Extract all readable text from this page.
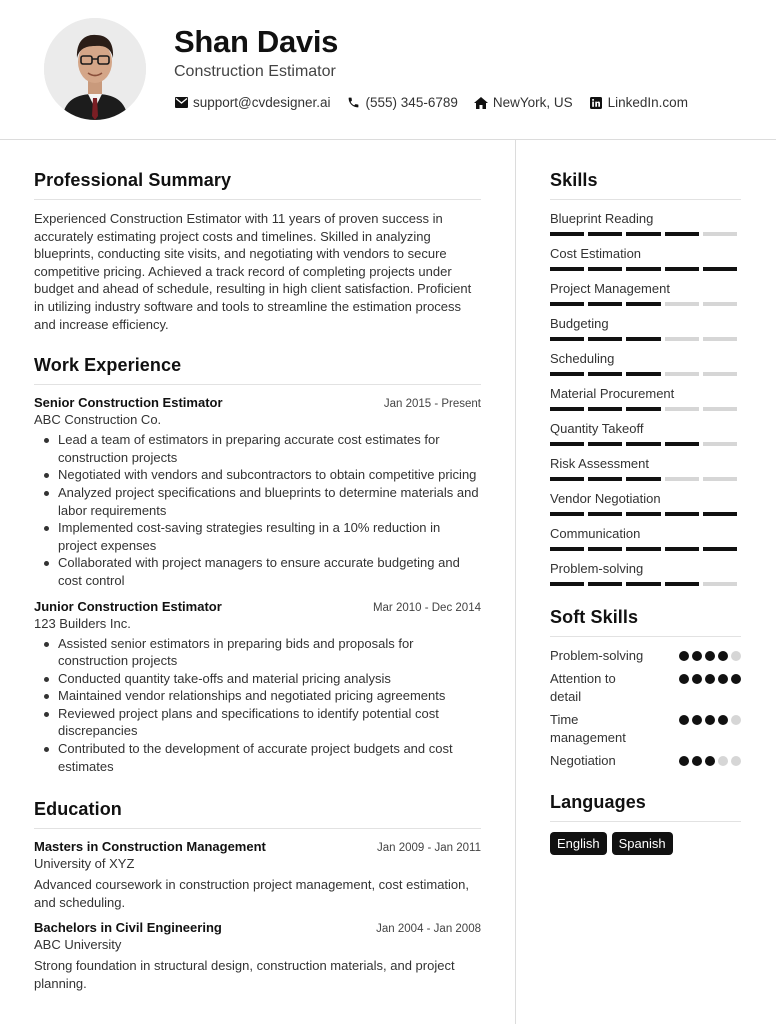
Shan Davis
Construction Estimator
support@cvdesigner.ai	(555) 345-6789	NewYork, US	LinkedIn.com
Professional Summary
Experienced Construction Estimator with 11 years of proven success in accurately estimating project costs and timelines. Skilled in analyzing blueprints, conducting site visits, and negotiating with vendors to secure competitive pricing. Achieved a track record of completing projects under budget and ahead of schedule, resulting in high client satisfaction. Proficient in utilizing industry software and tools to streamline the estimation process and increase efficiency.
Work Experience
Senior Construction Estimator	Jan 2015 - Present
ABC Construction Co.
Lead a team of estimators in preparing accurate cost estimates for construction projects
Negotiated with vendors and subcontractors to obtain competitive pricing
Analyzed project specifications and blueprints to determine materials and labor requirements
Implemented cost-saving strategies resulting in a 10% reduction in project expenses
Collaborated with project managers to ensure accurate budgeting and cost control
Junior Construction Estimator	Mar 2010 - Dec 2014
123 Builders Inc.
Assisted senior estimators in preparing bids and proposals for construction projects
Conducted quantity take-offs and material pricing analysis
Maintained vendor relationships and negotiated pricing agreements
Reviewed project plans and specifications to identify potential cost discrepancies
Contributed to the development of accurate project budgets and cost estimates
Education
Masters in Construction Management	Jan 2009 - Jan 2011
University of XYZ
Advanced coursework in construction project management, cost estimation, and scheduling.
Bachelors in Civil Engineering	Jan 2004 - Jan 2008
ABC University
Strong foundation in structural design, construction materials, and project planning.
Skills
Blueprint Reading
Cost Estimation
Project Management
Budgeting
Scheduling
Material Procurement
Quantity Takeoff
Risk Assessment
Vendor Negotiation
Communication
Problem-solving
Soft Skills
Problem-solving
Attention to detail
Time management
Negotiation
Languages
English	Spanish
